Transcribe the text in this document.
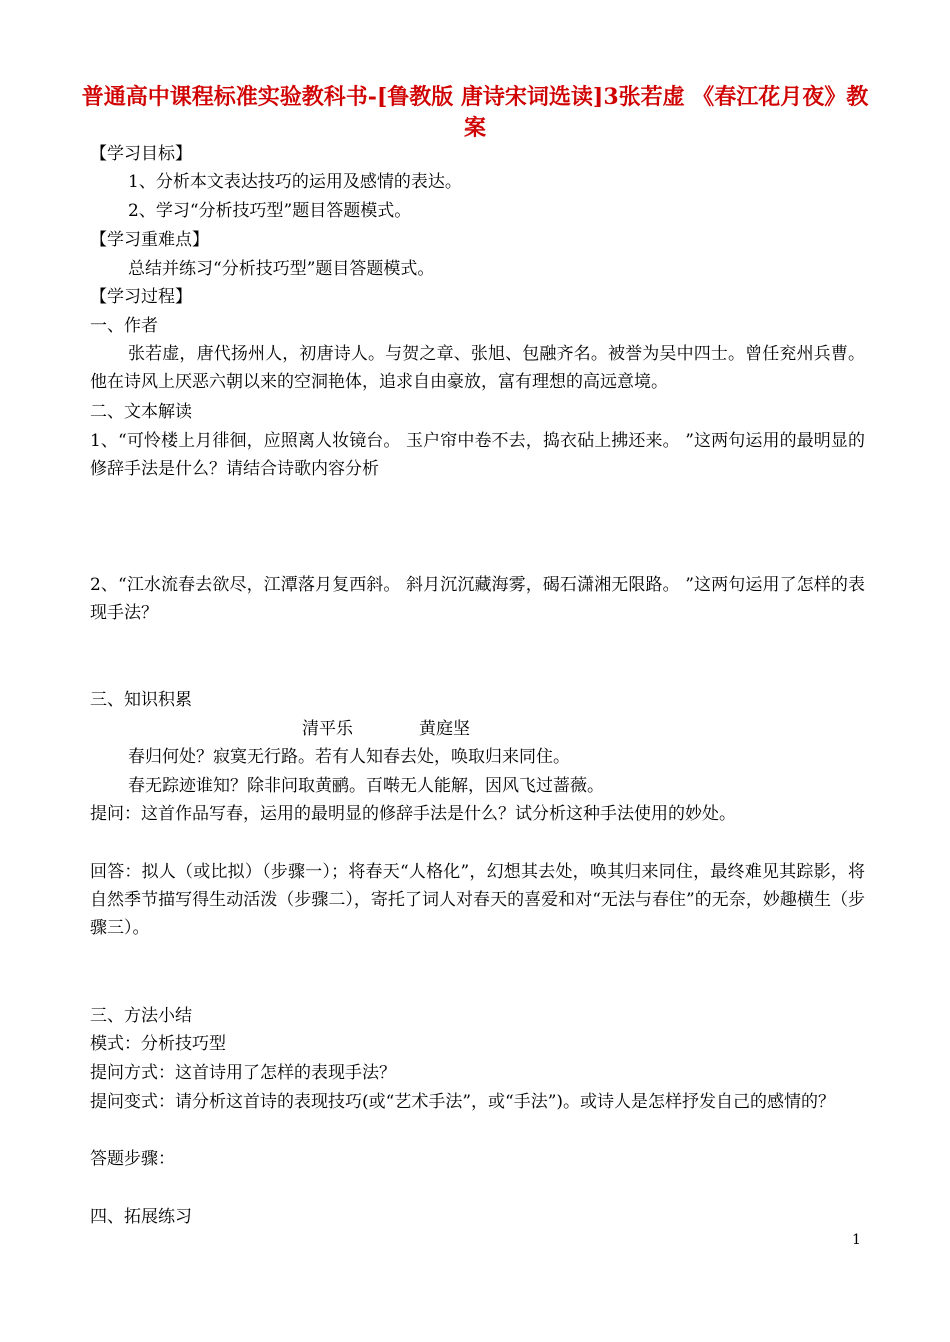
普通高中课程标准实验教科书-[鲁教版 唐诗宋词选读]3张若虚 《春江花月夜》教案
【学习目标】
1、分析本文表达技巧的运用及感情的表达。
2、学习“分析技巧型”题目答题模式。
【学习重难点】
总结并练习“分析技巧型”题目答题模式。
【学习过程】
一、作者
张若虚，唐代扬州人，初唐诗人。与贺之章、张旭、包融齐名。被誉为吴中四士。曾任兖州兵曹。他在诗风上厌恶六朝以来的空洞艳体，追求自由豪放，富有理想的高远意境。
二、文本解读
1、“可怜楼上月徘徊，应照离人妆镜台。 玉户帘中卷不去，捣衣砧上拂还来。 ”这两句运用的最明显的修辞手法是什么？请结合诗歌内容分析
2、“江水流春去欲尽，江潭落月复西斜。 斜月沉沉藏海雾，碣石潇湘无限路。 ”这两句运用了怎样的表现手法？
三、知识积累
清平乐	黄庭坚
春归何处？寂寞无行路。若有人知春去处，唤取归来同住。
春无踪迹谁知？除非问取黄鹂。百啭无人能解，因风飞过蔷薇。
提问：这首作品写春，运用的最明显的修辞手法是什么？试分析这种手法使用的妙处。
回答：拟人（或比拟）（步骤一）；将春天“人格化”，幻想其去处，唤其归来同住，最终难见其踪影，将自然季节描写得生动活泼（步骤二），寄托了词人对春天的喜爱和对“无法与春住”的无奈，妙趣横生（步骤三）。
三、方法小结
模式：分析技巧型
提问方式：这首诗用了怎样的表现手法？
提问变式：请分析这首诗的表现技巧(或“艺术手法”，或“手法”)。或诗人是怎样抒发自己的感情的？
答题步骤：
四、拓展练习
1
